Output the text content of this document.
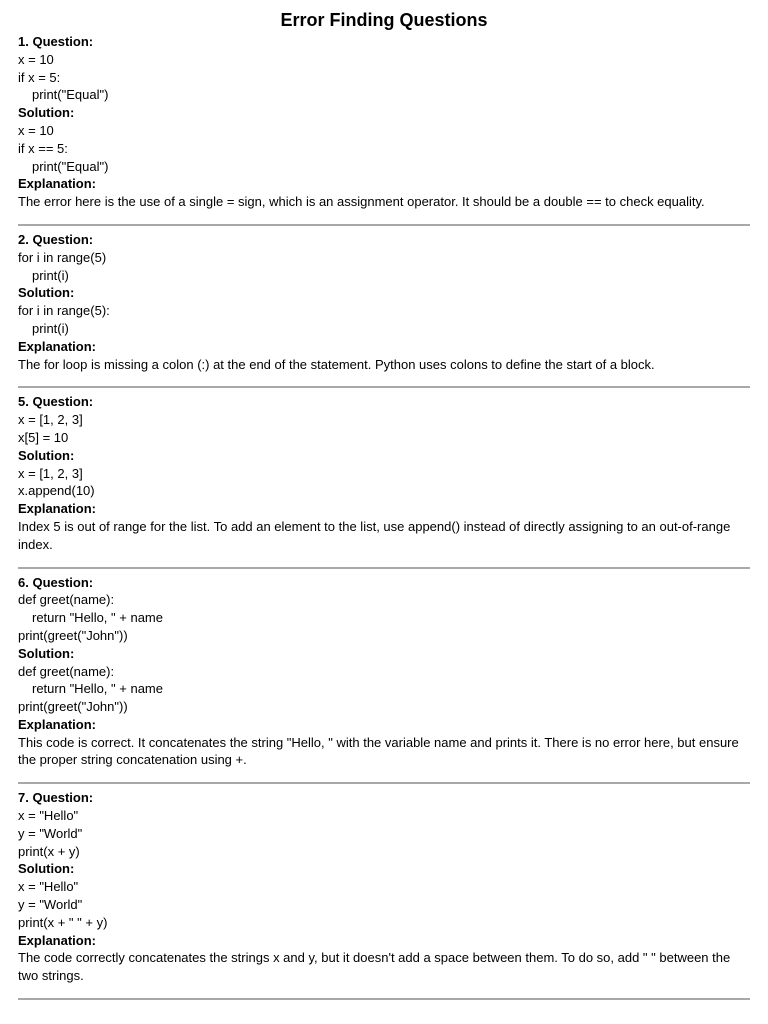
Error Finding Questions
1. Question:
x = 10
if x = 5:
print("Equal")
Solution:
x = 10
if x == 5:
print("Equal")
Explanation:
The error here is the use of a single = sign, which is an assignment operator. It should be a double == to check equality.
2. Question:
for i in range(5)
print(i)
Solution:
for i in range(5):
print(i)
Explanation:
The for loop is missing a colon (:) at the end of the statement. Python uses colons to define the start of a block.
5. Question:
x = [1, 2, 3]
x[5] = 10
Solution:
x = [1, 2, 3]
x.append(10)
Explanation:
Index 5 is out of range for the list. To add an element to the list, use append() instead of directly assigning to an out-of-range index.
6. Question:
def greet(name):
return "Hello, " + name
print(greet("John"))
Solution:
def greet(name):
return "Hello, " + name
print(greet("John"))
Explanation:
This code is correct. It concatenates the string "Hello, " with the variable name and prints it. There is no error here, but ensure the proper string concatenation using +.
7. Question:
x = "Hello"
y = "World"
print(x + y)
Solution:
x = "Hello"
y = "World"
print(x + " " + y)
Explanation:
The code correctly concatenates the strings x and y, but it doesn't add a space between them. To do so, add " " between the two strings.
